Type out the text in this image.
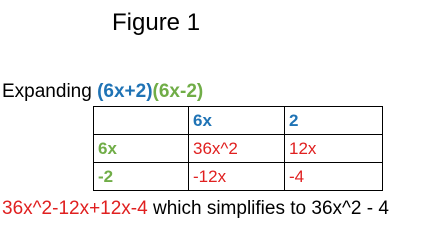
Figure 1
Expanding (6x+2)(6x-2)
	6x	2
6x	36x^2	12x
-2	-12x	-4
36x^2-12x+12x-4 which simplifies to 36x^2 - 4
